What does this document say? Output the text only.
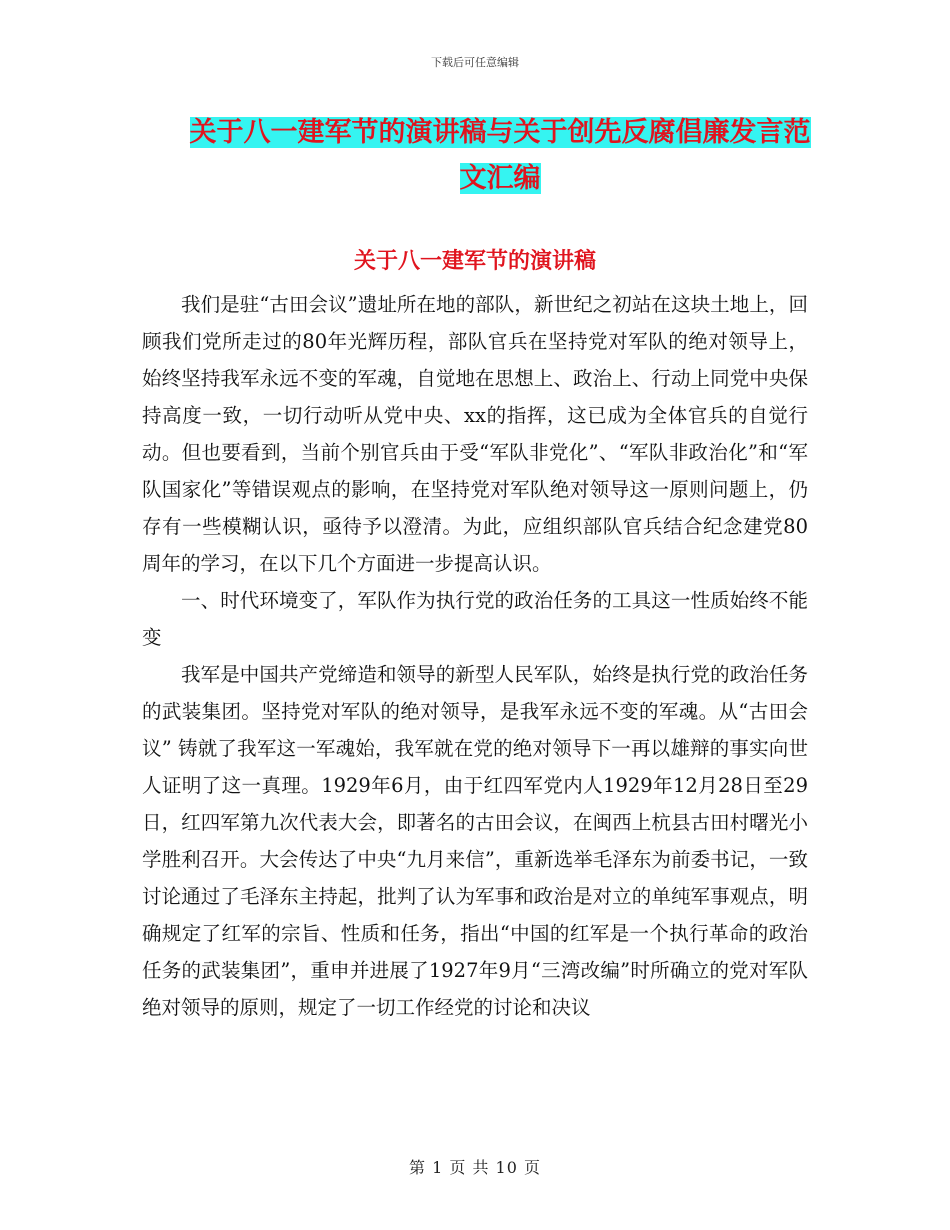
下载后可任意编辑
关于八一建军节的演讲稿与关于创先反腐倡廉发言范
文汇编
关于八一建军节的演讲稿

我们是驻“古田会议”遗址所在地的部队，新世纪之初站在这块土地上，回顾我们党所走过的80年光辉历程，部队官兵在坚持党对军队的绝对领导上，始终坚持我军永远不变的军魂，自觉地在思想上、政治上、行动上同党中央保持高度一致，一切行动听从党中央、xx的指挥，这已成为全体官兵的自觉行动。但也要看到，当前个别官兵由于受“军队非党化”、“军队非政治化”和“军队国家化”等错误观点的影响，在坚持党对军队绝对领导这一原则问题上，仍存有一些模糊认识，亟待予以澄清。为此，应组织部队官兵结合纪念建党80周年的学习，在以下几个方面进一步提高认识。

一、时代环境变了，军队作为执行党的政治任务的工具这一性质始终不能变

我军是中国共产党缔造和领导的新型人民军队，始终是执行党的政治任务的武装集团。坚持党对军队的绝对领导，是我军永远不变的军魂。从“古田会议” 铸就了我军这一军魂始，我军就在党的绝对领导下一再以雄辩的事实向世人证明了这一真理。1929年6月，由于红四军党内人1929年12月28日至29日，红四军第九次代表大会，即著名的古田会议，在闽西上杭县古田村曙光小学胜利召开。大会传达了中央“九月来信”，重新选举毛泽东为前委书记，一致讨论通过了毛泽东主持起，批判了认为军事和政治是对立的单纯军事观点，明确规定了红军的宗旨、性质和任务，指出“中国的红军是一个执行革命的政治任务的武装集团”，重申并进展了1927年9月“三湾改编”时所确立的党对军队绝对领导的原则，规定了一切工作经党的讨论和决议

第 1 页 共 10 页
